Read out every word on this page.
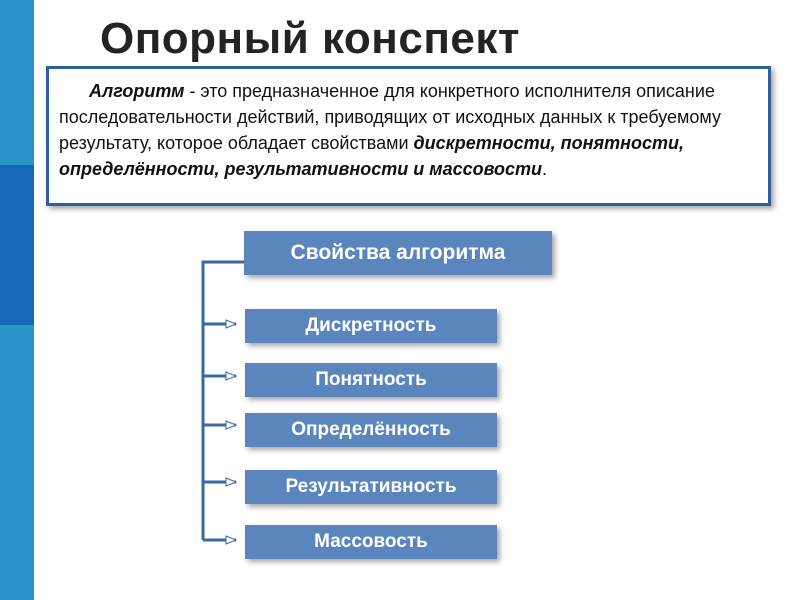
Опорный конспект
Алгоритм - это предназначенное для конкретного исполнителя описание последовательности действий, приводящих от исходных данных к требуемому результату, которое обладает свойствами дискретности, понятности, определённости, результативности и массовости.
Свойства алгоритма
Дискретность
Понятность
Определённость
Результативность
Массовость
